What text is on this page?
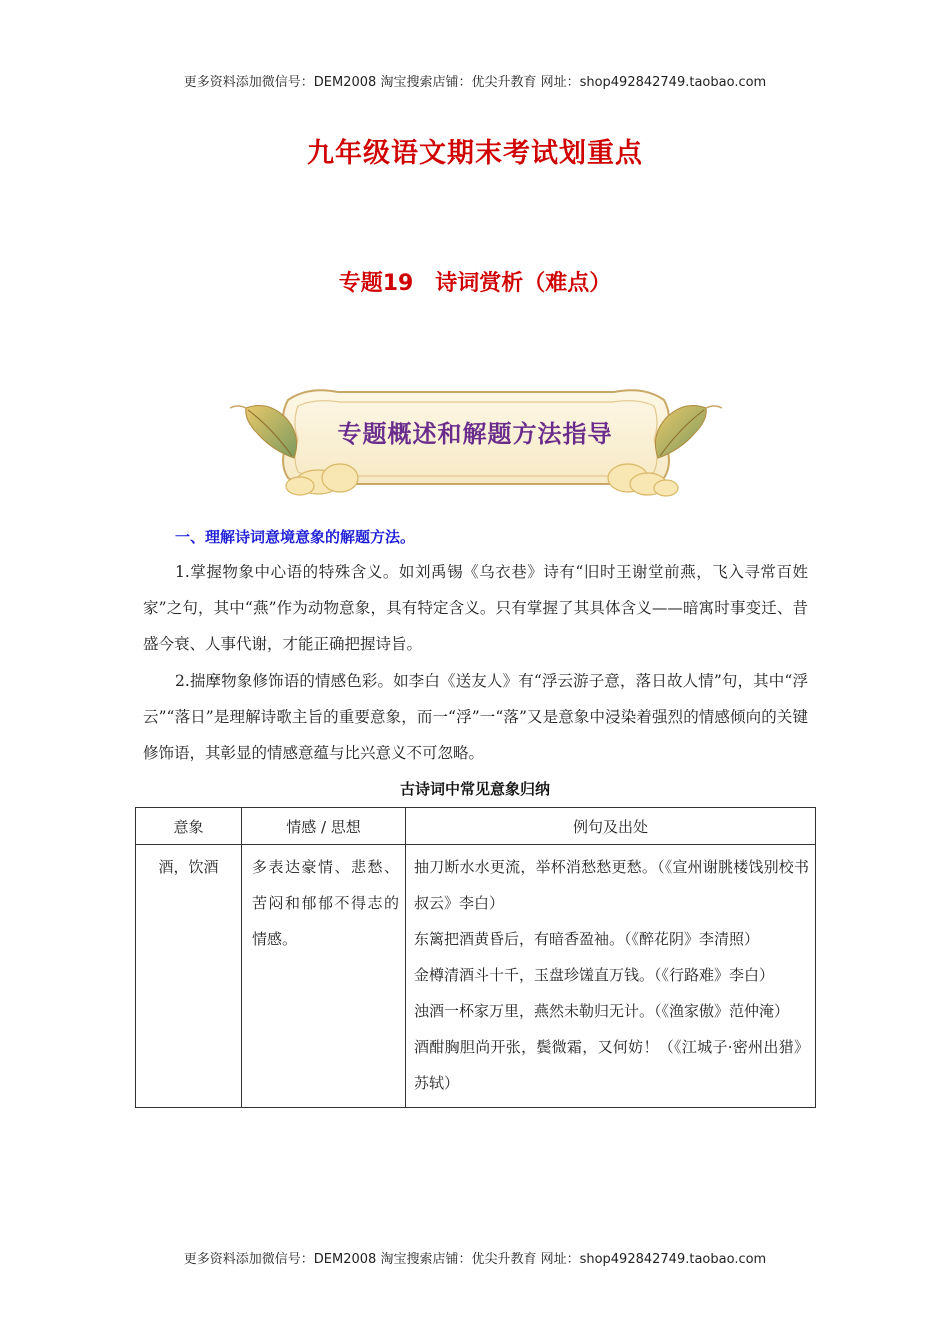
更多资料添加微信号：DEM2008 淘宝搜索店铺：优尖升教育 网址：shop492842749.taobao.com
九年级语文期末考试划重点
专题19　诗词赏析（难点）
专题概述和解题方法指导
一、理解诗词意境意象的解题方法。
1.掌握物象中心语的特殊含义。如刘禹锡《乌衣巷》诗有“旧时王谢堂前燕，飞入寻常百姓家”之句，其中“燕”作为动物意象，具有特定含义。只有掌握了其具体含义——暗寓时事变迁、昔盛今衰、人事代谢，才能正确把握诗旨。
2.揣摩物象修饰语的情感色彩。如李白《送友人》有“浮云游子意，落日故人情”句，其中“浮云”“落日”是理解诗歌主旨的重要意象，而一“浮”一“落”又是意象中浸染着强烈的情感倾向的关键修饰语，其彰显的情感意蕴与比兴意义不可忽略。
古诗词中常见意象归纳
意象	情感 / 思想	例句及出处
酒，饮酒	多表达豪情、悲愁、苦闷和郁郁不得志的情感。	抽刀断水水更流，举杯消愁愁更愁。（《宣州谢朓楼饯别校书叔云》李白）

东篱把酒黄昏后，有暗香盈袖。（《醉花阴》李清照）

金樽清酒斗十千，玉盘珍馐直万钱。（《行路难》李白）

浊酒一杯家万里，燕然未勒归无计。（《渔家傲》范仲淹）

酒酣胸胆尚开张，鬓微霜，又何妨！（《江城子·密州出猎》苏轼）

更多资料添加微信号：DEM2008 淘宝搜索店铺：优尖升教育 网址：shop492842749.taobao.com
